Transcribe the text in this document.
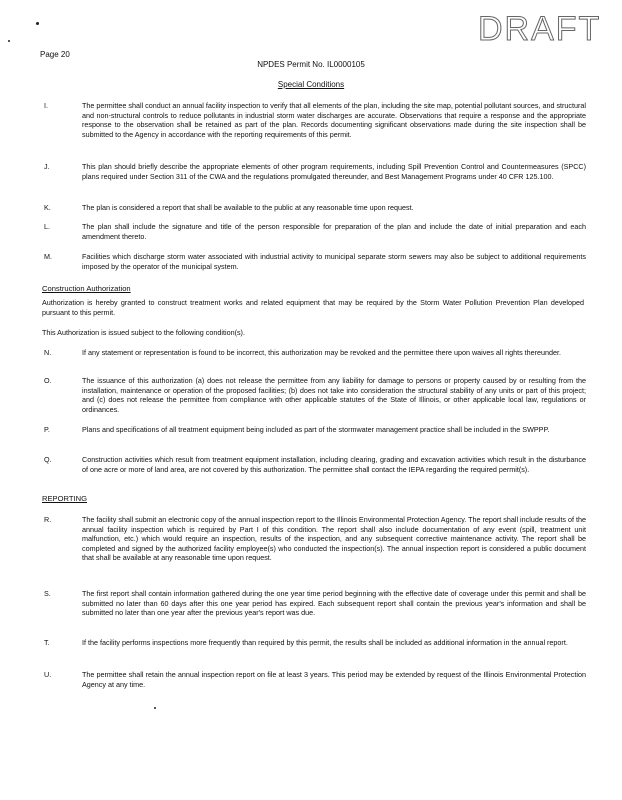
DRAFT
Page 20
NPDES Permit No. IL0000105
Special Conditions
I.	The permittee shall conduct an annual facility inspection to verify that all elements of the plan, including the site map, potential pollutant sources, and structural and non-structural controls to reduce pollutants in industrial storm water discharges are accurate. Observations that require a response and the appropriate response to the observation shall be retained as part of the plan. Records documenting significant observations made during the site inspection shall be submitted to the Agency in accordance with the reporting requirements of this permit.
J.	This plan should briefly describe the appropriate elements of other program requirements, including Spill Prevention Control and Countermeasures (SPCC) plans required under Section 311 of the CWA and the regulations promulgated thereunder, and Best Management Programs under 40 CFR 125.100.
K.	The plan is considered a report that shall be available to the public at any reasonable time upon request.
L.	The plan shall include the signature and title of the person responsible for preparation of the plan and include the date of initial preparation and each amendment thereto.
M.	Facilities which discharge storm water associated with industrial activity to municipal separate storm sewers may also be subject to additional requirements imposed by the operator of the municipal system.
Construction Authorization
Authorization is hereby granted to construct treatment works and related equipment that may be required by the Storm Water Pollution Prevention Plan developed pursuant to this permit.
This Authorization is issued subject to the following condition(s).
N.	If any statement or representation is found to be incorrect, this authorization may be revoked and the permittee there upon waives all rights thereunder.
O.	The issuance of this authorization (a) does not release the permittee from any liability for damage to persons or property caused by or resulting from the installation, maintenance or operation of the proposed facilities; (b) does not take into consideration the structural stability of any units or part of this project; and (c) does not release the permittee from compliance with other applicable statutes of the State of Illinois, or other applicable local law, regulations or ordinances.
P.	Plans and specifications of all treatment equipment being included as part of the stormwater management practice shall be included in the SWPPP.
Q.	Construction activities which result from treatment equipment installation, including clearing, grading and excavation activities which result in the disturbance of one acre or more of land area, are not covered by this authorization. The permittee shall contact the IEPA regarding the required permit(s).
REPORTING
R.	The facility shall submit an electronic copy of the annual inspection report to the Illinois Environmental Protection Agency. The report shall include results of the annual facility inspection which is required by Part I of this condition. The report shall also include documentation of any event (spill, treatment unit malfunction, etc.) which would require an inspection, results of the inspection, and any subsequent corrective maintenance activity. The report shall be completed and signed by the authorized facility employee(s) who conducted the inspection(s). The annual inspection report is considered a public document that shall be available at any reasonable time upon request.
S.	The first report shall contain information gathered during the one year time period beginning with the effective date of coverage under this permit and shall be submitted no later than 60 days after this one year period has expired. Each subsequent report shall contain the previous year's information and shall be submitted no later than one year after the previous year's report was due.
T.	If the facility performs inspections more frequently than required by this permit, the results shall be included as additional information in the annual report.
U.	The permittee shall retain the annual inspection report on file at least 3 years. This period may be extended by request of the Illinois Environmental Protection Agency at any time.
